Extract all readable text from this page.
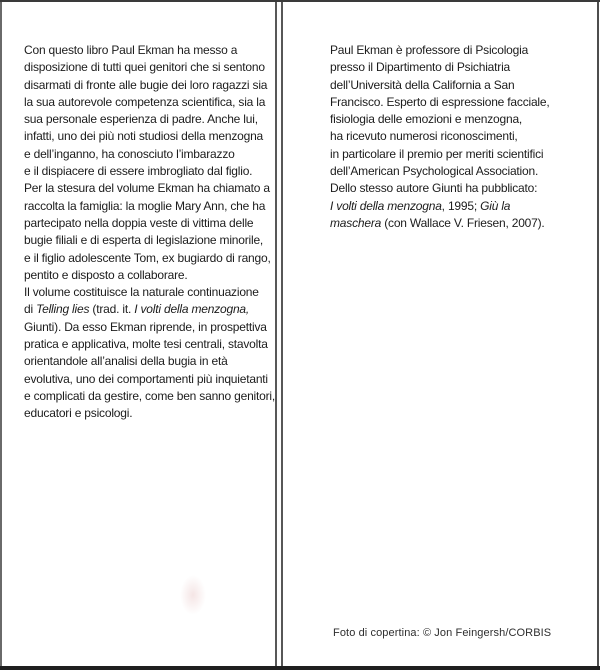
Con questo libro Paul Ekman ha messo a
disposizione di tutti quei genitori che si sentono
disarmati di fronte alle bugie dei loro ragazzi sia
la sua autorevole competenza scientifica, sia la
sua personale esperienza di padre. Anche lui,
infatti, uno dei più noti studiosi della menzogna
e dell’inganno, ha conosciuto l’imbarazzo
e il dispiacere di essere imbrogliato dal figlio.
Per la stesura del volume Ekman ha chiamato a
raccolta la famiglia: la moglie Mary Ann, che ha
partecipato nella doppia veste di vittima delle
bugie filiali e di esperta di legislazione minorile,
e il figlio adolescente Tom, ex bugiardo di rango,
pentito e disposto a collaborare.
Il volume costituisce la naturale continuazione
di Telling lies (trad. it. I volti della menzogna,
Giunti). Da esso Ekman riprende, in prospettiva
pratica e applicativa, molte tesi centrali, stavolta
orientandole all’analisi della bugia in età
evolutiva, uno dei comportamenti più inquietanti
e complicati da gestire, come ben sanno genitori,
educatori e psicologi.
Paul Ekman è professore di Psicologia
presso il Dipartimento di Psichiatria
dell’Università della California a San
Francisco. Esperto di espressione facciale,
fisiologia delle emozioni e menzogna,
ha ricevuto numerosi riconoscimenti,
in particolare il premio per meriti scientifici
dell’American Psychological Association.
Dello stesso autore Giunti ha pubblicato:
I volti della menzogna, 1995; Giù la
maschera (con Wallace V. Friesen, 2007).
Foto di copertina: © Jon Feingersh/CORBIS
